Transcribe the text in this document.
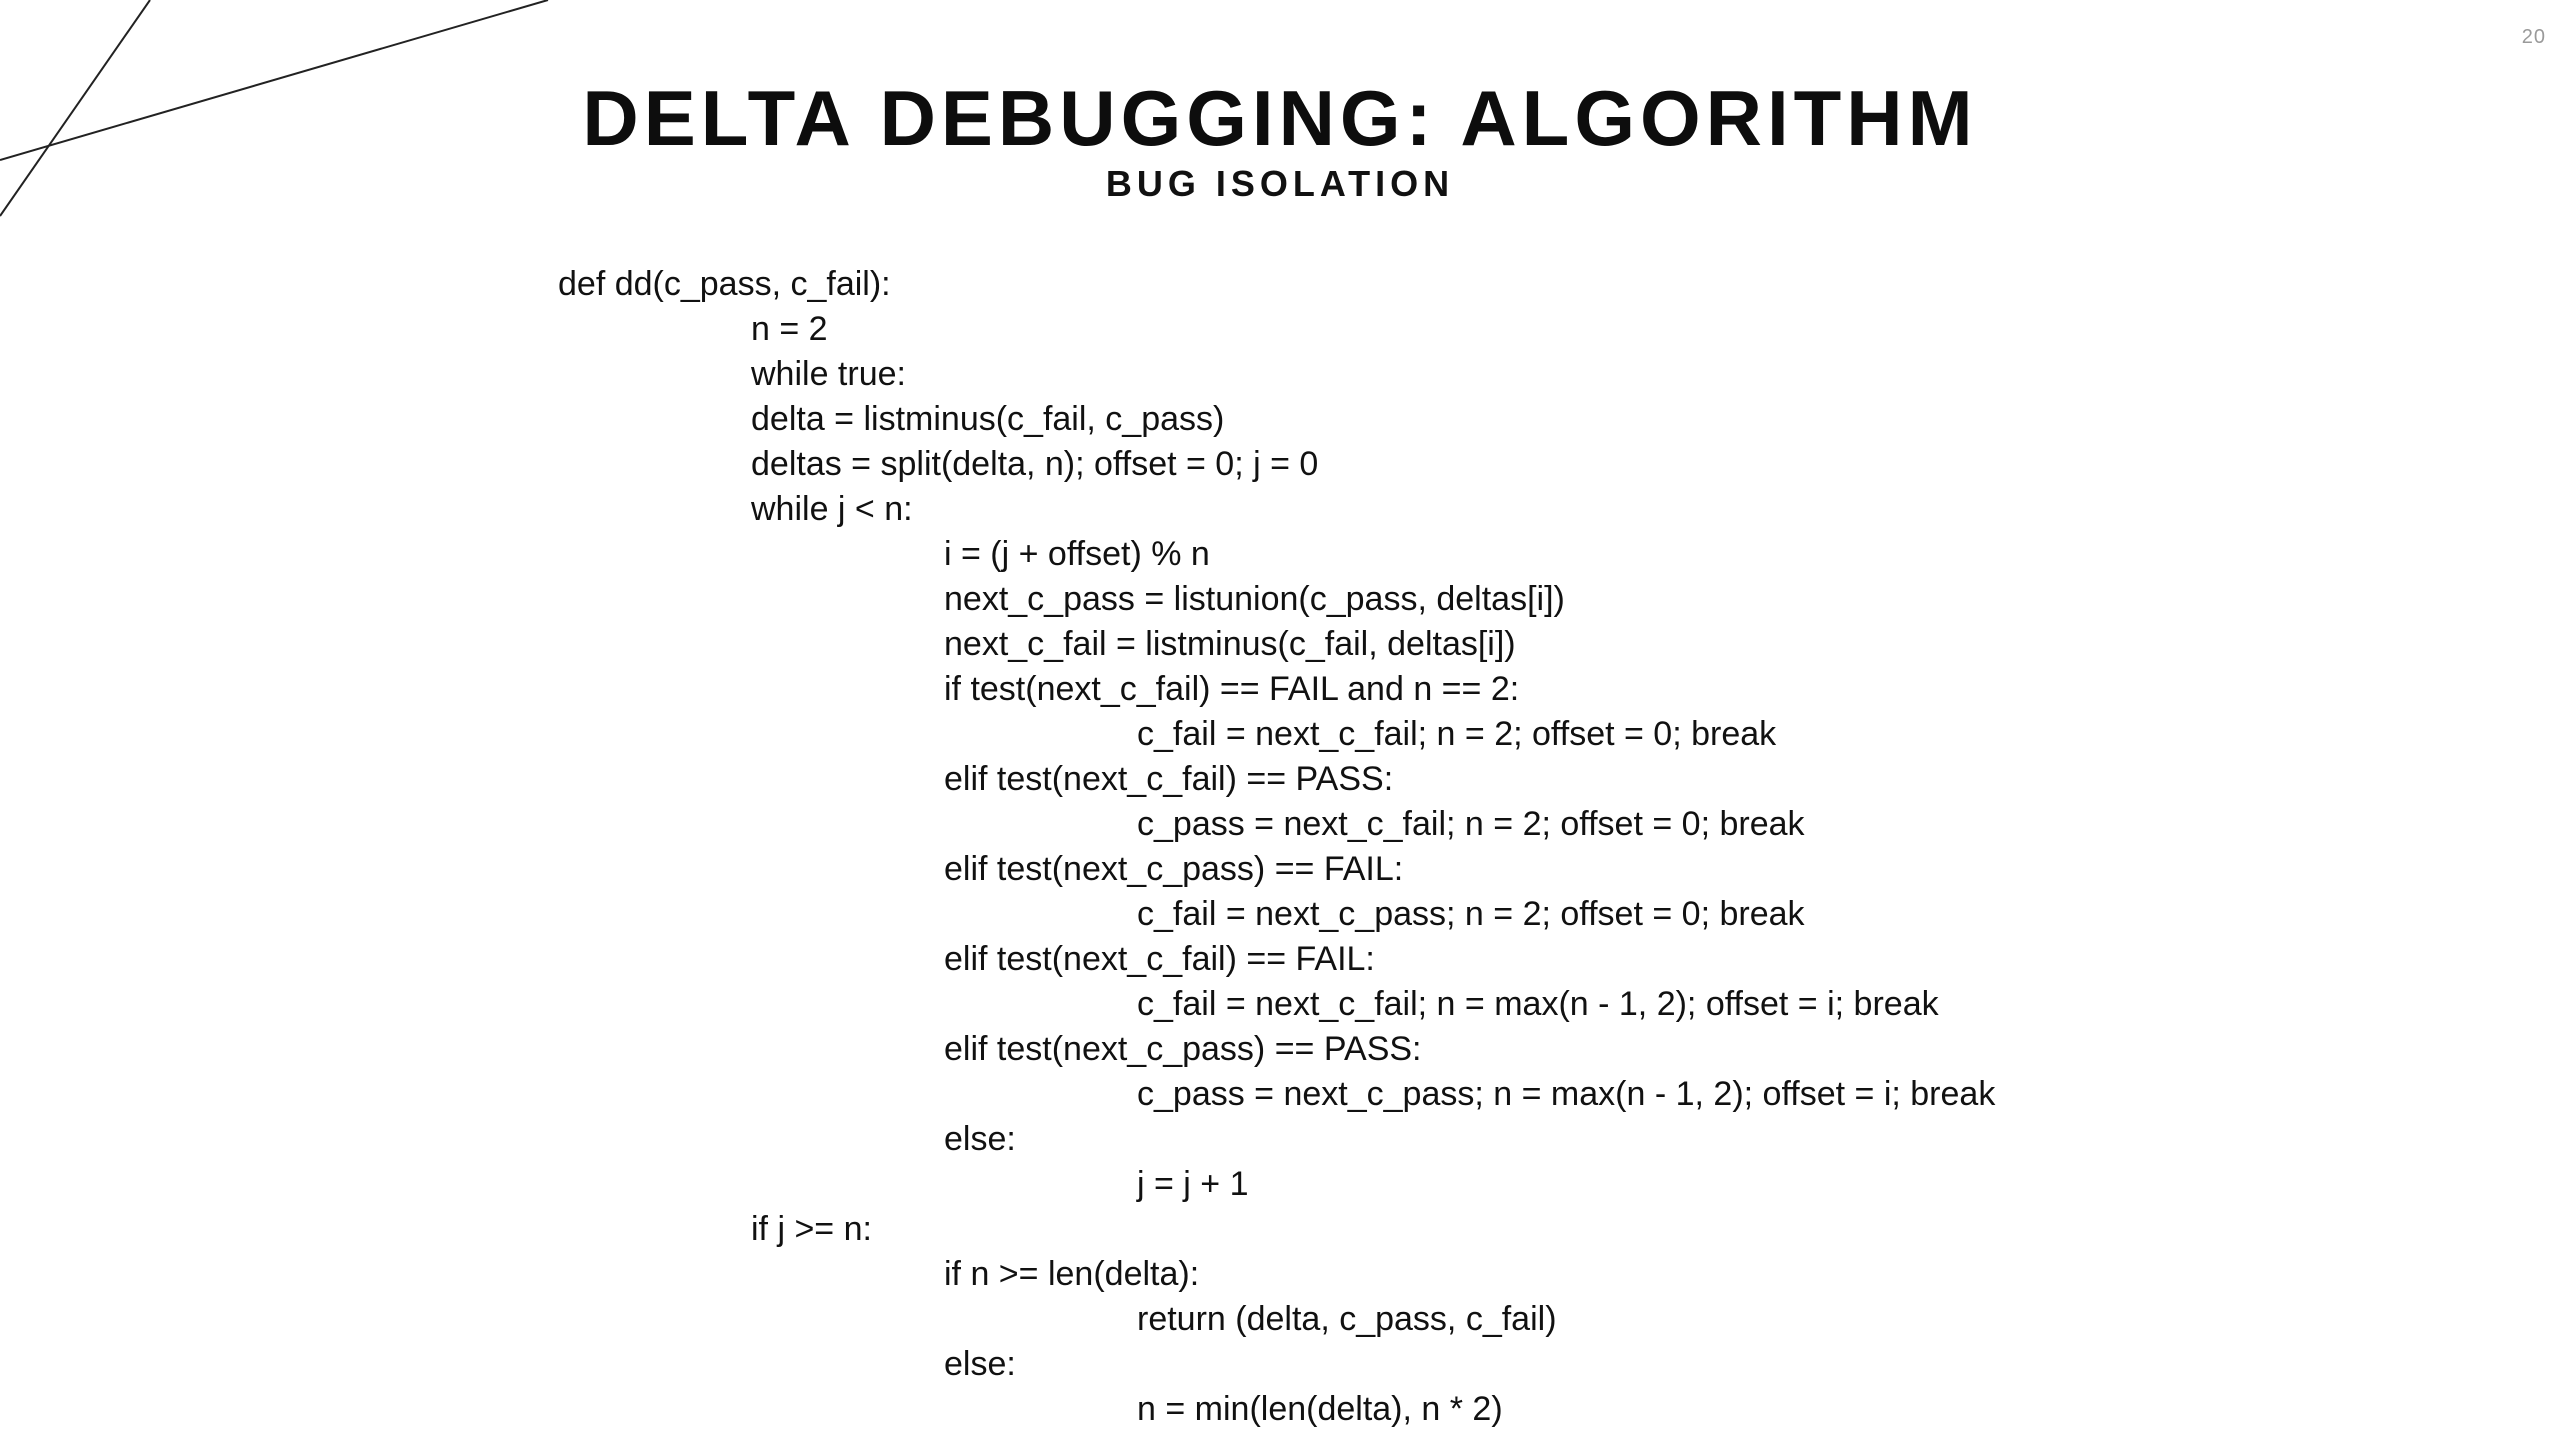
20
DELTA DEBUGGING: ALGORITHM
BUG ISOLATION
def dd(c_pass, c_fail):
n = 2
while true:
delta = listminus(c_fail, c_pass)
deltas = split(delta, n); offset = 0; j = 0
while j < n:
i = (j + offset) % n
next_c_pass = listunion(c_pass, deltas[i])
next_c_fail = listminus(c_fail, deltas[i])
if test(next_c_fail) == FAIL and n == 2:
c_fail = next_c_fail; n = 2; offset = 0; break
elif test(next_c_fail) == PASS:
c_pass = next_c_fail; n = 2; offset = 0; break
elif test(next_c_pass) == FAIL:
c_fail = next_c_pass; n = 2; offset = 0; break
elif test(next_c_fail) == FAIL:
c_fail = next_c_fail; n = max(n - 1, 2); offset = i; break
elif test(next_c_pass) == PASS:
c_pass = next_c_pass; n = max(n - 1, 2); offset = i; break
else:
j = j + 1
if j >= n:
if n >= len(delta):
return (delta, c_pass, c_fail)
else:
n = min(len(delta), n * 2)
